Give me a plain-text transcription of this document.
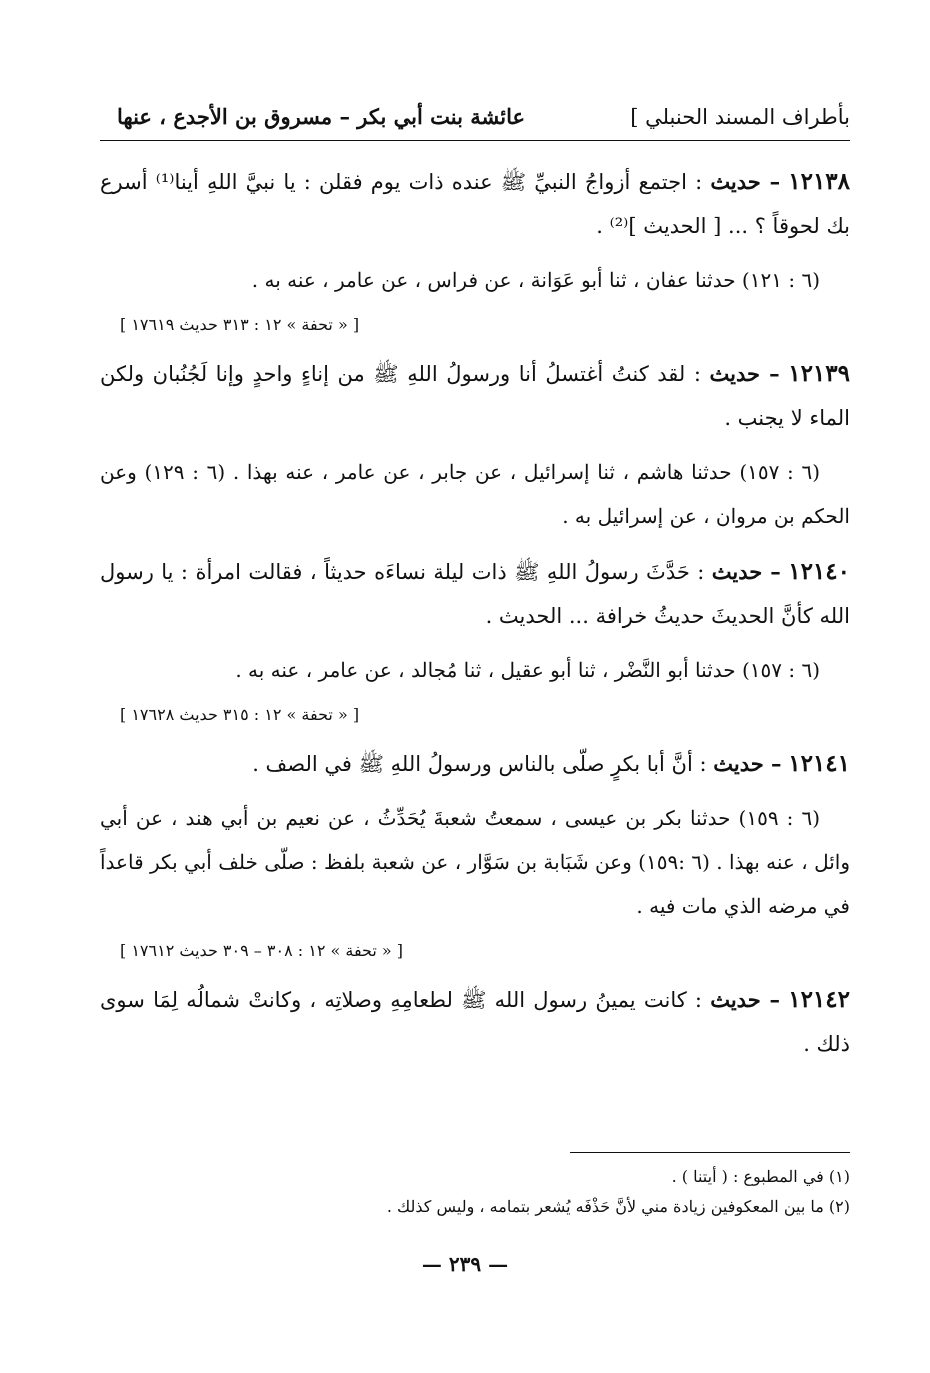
بأطراف المسند الحنبلي ]
عائشة بنت أبي بكر – مسروق بن الأجدع ، عنها

١٢١٣٨ – حديث : اجتمع أزواجُ النبيِّ ﷺ عنده ذات يوم فقلن : يا نبيَّ اللهِ أينا⁽¹⁾ أسرع بك لحوقاً ؟ ... [ الحديث ]⁽²⁾ .

(٦ : ١٢١) حدثنا عفان ، ثنا أبو عَوَانة ، عن فراس ، عن عامر ، عنه به .

[ « تحفة » ١٢ : ٣١٣ حديث ١٧٦١٩ ]

١٢١٣٩ – حديث : لقد كنتُ أغتسلُ أنا ورسولُ اللهِ ﷺ من إناءٍ واحدٍ وإنا لَجُنُبان ولكن الماء لا يجنب .

(٦ : ١٥٧) حدثنا هاشم ، ثنا إسرائيل ، عن جابر ، عن عامر ، عنه بهذا . (٦ : ١٢٩) وعن الحكم بن مروان ، عن إسرائيل به .

١٢١٤٠ – حديث : حَدَّثَ رسولُ اللهِ ﷺ ذات ليلة نساءَه حديثاً ، فقالت امرأة : يا رسول الله كأنَّ الحديثَ حديثُ خرافة ... الحديث .

(٦ : ١٥٧) حدثنا أبو النَّضْر ، ثنا أبو عقيل ، ثنا مُجالد ، عن عامر ، عنه به .

[ « تحفة » ١٢ : ٣١٥ حديث ١٧٦٢٨ ]

١٢١٤١ – حديث : أنَّ أبا بكرٍ صلّى بالناس ورسولُ اللهِ ﷺ في الصف .

(٦ : ١٥٩) حدثنا بكر بن عيسى ، سمعتُ شعبةَ يُحَدِّثُ ، عن نعيم بن أبي هند ، عن أبي وائل ، عنه بهذا . (٦ :١٥٩) وعن شَبَابة بن سَوَّار ، عن شعبة بلفظ : صلّى خلف أبي بكر قاعداً في مرضه الذي مات فيه .

[ « تحفة » ١٢ : ٣٠٨ – ٣٠٩ حديث ١٧٦١٢ ]

١٢١٤٢ – حديث : كانت يمينُ رسول الله ﷺ لطعامِهِ وصلاتِه ، وكانتْ شمالُه لِمَا سوى ذلك .

(١) في المطبوع : ( أيتنا ) .
(٢) ما بين المعكوفين زيادة مني لأنَّ حَذْفَه يُشعر بتمامه ، وليس كذلك .
— ٢٣٩ —
